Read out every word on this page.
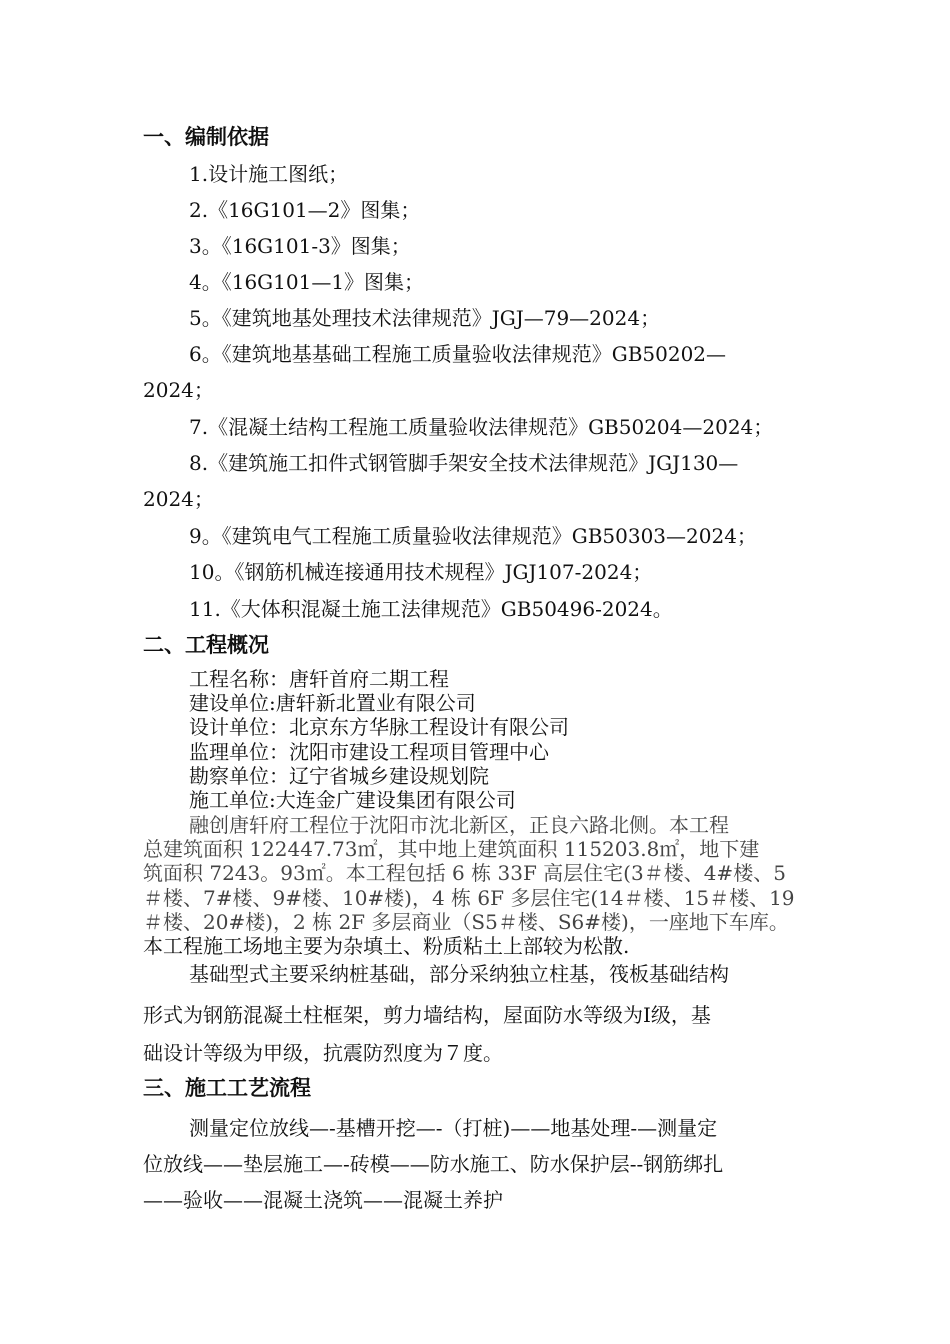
一、编制依据
1.设计施工图纸；
2.《16G101—2》图集；
3。《16G101-3》图集；
4。《16G101—1》图集；
5。《建筑地基处理技术法律规范》JGJ—79—2024；
6。《建筑地基基础工程施工质量验收法律规范》GB50202—
2024；
7.《混凝土结构工程施工质量验收法律规范》GB50204—2024；
8.《建筑施工扣件式钢管脚手架安全技术法律规范》JGJ130—
2024；
9。《建筑电气工程施工质量验收法律规范》GB50303—2024；
10。《钢筋机械连接通用技术规程》JGJ107-2024；
11.《大体积混凝土施工法律规范》GB50496-2024。
二、工程概况
工程名称：唐轩首府二期工程
建设单位:唐轩新北置业有限公司
设计单位：北京东方华脉工程设计有限公司
监理单位：沈阳市建设工程项目管理中心
勘察单位：辽宁省城乡建设规划院
施工单位:大连金广建设集团有限公司
融创唐轩府工程位于沈阳市沈北新区，正良六路北侧。本工程
总建筑面积 122447.73㎡，其中地上建筑面积 115203.8㎡，地下建
筑面积 7243。93㎡。本工程包括 6 栋 33F 高层住宅(3＃楼、4#楼、5
＃楼、7#楼、9#楼、10#楼)，4 栋 6F 多层住宅(14＃楼、15＃楼、19
＃楼、20#楼)，2 栋 2F 多层商业（S5＃楼、S6#楼)，一座地下车库。
本工程施工场地主要为杂填土、粉质粘土上部较为松散.
基础型式主要采纳桩基础，部分采纳独立柱基，筏板基础结构
形式为钢筋混凝土柱框架，剪力墙结构，屋面防水等级为Ⅰ级，基
础设计等级为甲级，抗震防烈度为７度。
三、施工工艺流程
测量定位放线—-基槽开挖—-（打桩)——地基处理-—测量定
位放线——垫层施工—-砖模——防水施工、防水保护层--钢筋绑扎
——验收——混凝土浇筑——混凝土养护
